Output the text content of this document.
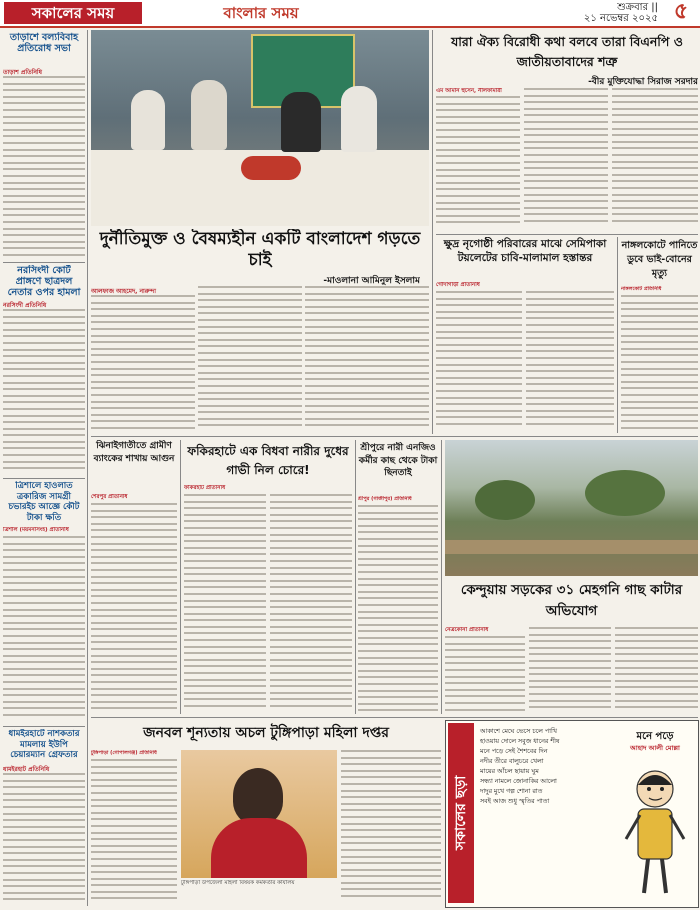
সকালের সময়	বাংলার সময়	শুক্রবার ||
২১ নভেম্বর ২০২৫ ৫
তাড়াশে বল্যবিবাহ প্রতিরোধ সভা
তাড়াশ প্রতিনিধি
নরসিংদী কোর্ট প্রাঙ্গণে ছাত্রদল নেতার ওপর হামলা
নরসিংদী প্রতিনিধি
ত্রিশালে হাওলাত ত্রকারিজ সামগ্রী চভারইচ আজ্ঞে কৌট টাকা ক্ষতি
ত্রিশাল (ময়মনসিংহ) প্রতিনিধি
ধামইরহাটে নাশকতার মামলায় ইউপি চেয়ারম্যান গ্রেফতার
ধামইরহাট প্রতিনিধি
দুর্নীতিমুক্ত ও বৈষম্যহীন একটি বাংলাদেশ গড়তে চাই
-মাওলানা আমিনুল ইসলাম
আলফাজ আহমেদ, নারুন্দা
যারা ঐক্য বিরোধী কথা বলবে তারা বিএনপি ও জাতীয়তাবাদের শত্রু
-বীর মুক্তিযোদ্ধা সিরাজ সরদার
এম আমান হুসেন, নীলফামারী
ক্ষুদ্র নৃগোষ্ঠী পরিবারের মাঝে সেমিপাকা টয়লেটের চাবি-মালামাল হস্তান্তর
গোদাগাড়ী প্রতিনিধি
নাঙ্গলকোটে পানিতে ডুবে ভাই-বোনের মৃত্যু
নাঙ্গলকোট প্রতিনিধি
ঝিনাইগাতীতে গ্রামীণ ব্যাংকের শাখায় আগুন
শেরপুর প্রতিনিধি
ফকিরহাটে এক বিধবা নারীর দুধের গাভী নিল চোরে!
ফকিরহাট প্রতিনিধি
শ্রীপুরে নারী এনজিও কর্মীর কাছ থেকে টাকা ছিনতাই
শ্রীপুর (গাজীপুর) প্রতিনিধি
কেন্দুয়ায় সড়কের ৩১ মেহগনি গাছ কাটার অভিযোগ
নেত্রকোনা প্রতিনিধি
জনবল শূন্যতায় অচল টুঙ্গিপাড়া মহিলা দপ্তর
টুঙ্গিপাড়া (গোপালগঞ্জ) প্রতিনিধি
টুঙ্গিপাড়া উপজেলা মহিলা বিষয়ক কর্মকর্তার কার্যালয়
সকালের ছড়া
আকাশে মেঘে ভেসে চলে পাখি
হাওয়ায় দোলে সবুজ ধানের শীষ
মনে পড়ে সেই শৈশবের দিন
নদীর তীরে বালুচরে খেলা
মায়ের আঁচল ছায়ায় ঘুম
সন্ধ্যা নামলে জোনাকির আলো
দাদুর মুখে গল্প শোনা রাত
সবই আজ শুধু স্মৃতির পাতা
মনে পড়ে
আহাদ আলী মোল্লা
